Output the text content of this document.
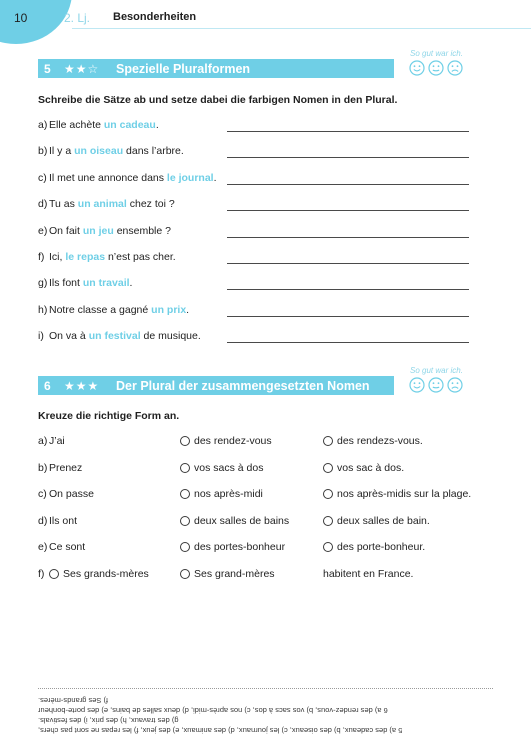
10	2. Lj. Besonderheiten
So gut war ich.
5	★★☆	Spezielle Pluralformen
Schreibe die Sätze ab und setze dabei die farbigen Nomen in den Plural.
a) Elle achète un cadeau.
b) Il y a un oiseau dans l’arbre.
c) Il met une annonce dans le journal.
d) Tu as un animal chez toi ?
e) On fait un jeu ensemble ?
f) Ici, le repas n’est pas cher.
g) Ils font un travail.
h) Notre classe a gagné un prix.
i) On va à un festival de musique.
So gut war ich.
6	★★★	Der Plural der zusammengesetzten Nomen
Kreuze die richtige Form an.
a) J’ai	des rendez-vous	des rendezs-vous.
b) Prenez	vos sacs à dos	vos sac à dos.
c) On passe	nos après-midi	nos après-midis sur la plage.
d) Ils ont	deux salles de bains	deux salles de bain.
e) Ce sont	des portes-bonheur	des porte-bonheur.
f)	Ses grands-mères	Ses grand-mères	habitent en France.
f) Ses grands-mères.
6 a) des rendez-vous, b) vos sacs à dos, c) nos après-midi, d) deux salles de bains, e) des porte-bonheur
g) des travaux, h) des prix, i) des festivals.
5 a) des cadeaux, b) des oiseaux, c) les journaux, d) des animaux, e) des jeux, f) les repas ne sont pas chers,
